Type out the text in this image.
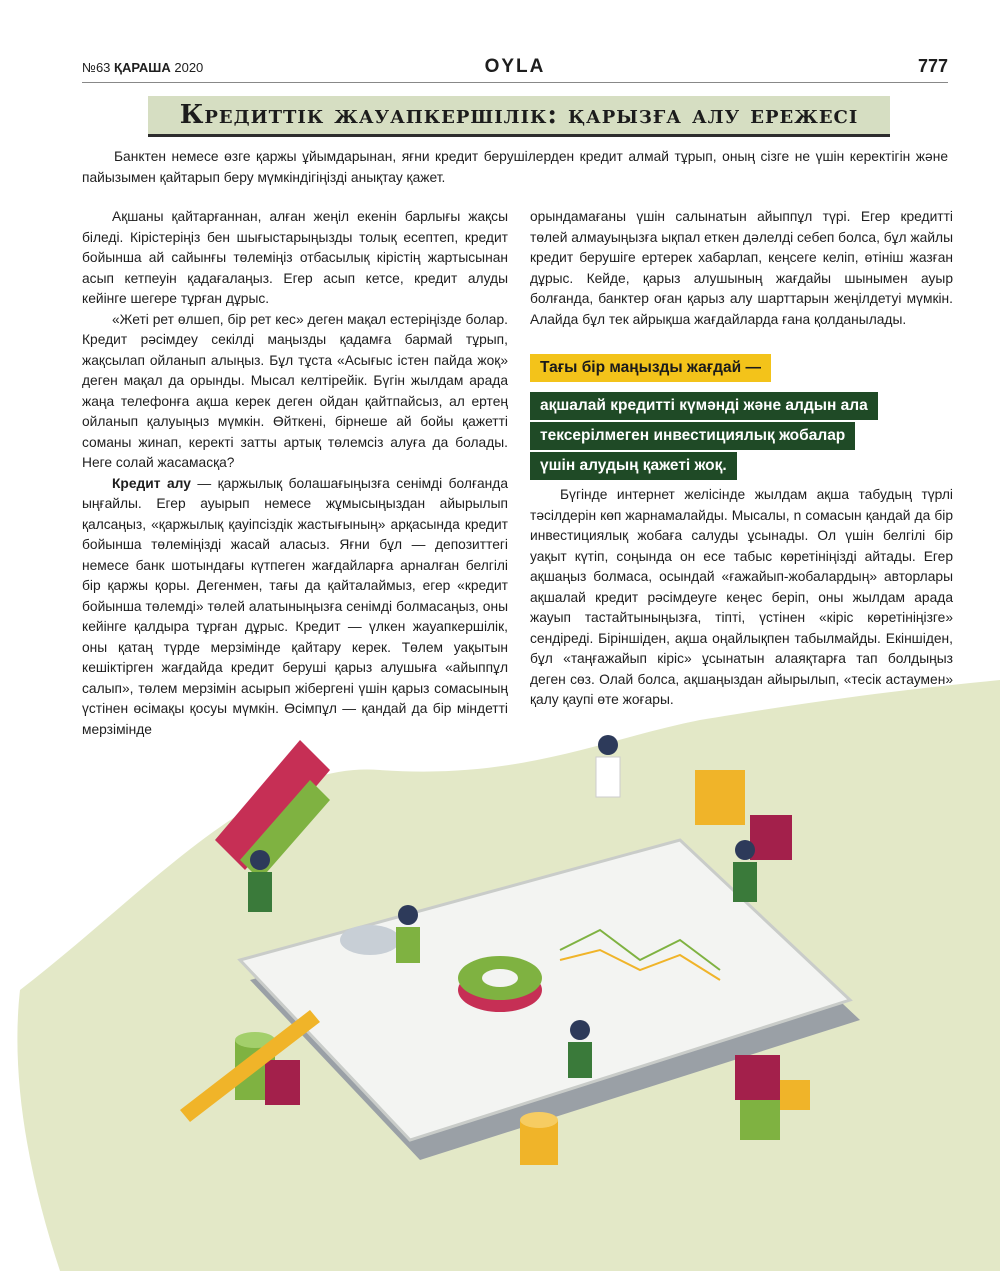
№63 ҚАРАША 2020	OYLA	777
Кредиттік жауапкершілік: қарызға алу ережесі

Банктен немесе өзге қаржы ұйымдарынан, яғни кредит берушілерден кредит алмай тұрып, оның сізге не үшін керектігін және пайызымен қайтарып беру мүмкіндігіңізді анықтау қажет.

Ақшаны қайтарғаннан, алған жеңіл екенін барлығы жақсы біледі. Кірістеріңіз бен шығыстарыңызды толық есептеп, кредит бойынша ай сайынғы төлеміңіз отбасылық кірістің жартысынан асып кетпеуін қадағалаңыз. Егер асып кетсе, кредит алуды кейінге шегере тұрған дұрыс.

«Жеті рет өлшеп, бір рет кес» деген мақал естеріңізде болар. Кредит рәсімдеу секілді маңызды қадамға бармай тұрып, жақсылап ойланып алыңыз. Бұл тұста «Асығыс істен пайда жоқ» деген мақал да орынды. Мысал келтірейік. Бүгін жылдам арада жаңа телефонға ақша керек деген ойдан қайтпайсыз, ал ертең ойланып қалуыңыз мүмкін. Өйткені, бірнеше ай бойы қажетті соманы жинап, керекті затты артық төлемсіз алуға да болады. Неге солай жасамасқа?

Кредит алу — қаржылық болашағыңызға сенімді болғанда ыңғайлы. Егер ауырып немесе жұмысыңыздан айырылып қалсаңыз, «қаржылық қауіпсіздік жастығының» арқасында кредит бойынша төлеміңізді жасай аласыз. Яғни бұл — депозиттегі немесе банк шотындағы күтпеген жағдайларға арналған белгілі бір қаржы қоры. Дегенмен, тағы да қайталаймыз, егер «кредит бойынша төлемді» төлей алатыныңызға сенімді болмасаңыз, оны кейінге қалдыра тұрған дұрыс. Кредит — үлкен жауапкершілік, оны қатаң түрде мерзімінде қайтару керек. Төлем уақытын кешіктірген жағдайда кредит беруші қарыз алушыға «айыппұл салып», төлем мерзімін асырып жібергені үшін қарыз сомасының үстінен өсімақы қосуы мүмкін. Өсімпұл — қандай да бір міндетті мерзімінде

орындамағаны үшін салынатын айыппұл түрі. Егер кредитті төлей алмауыңызға ықпал еткен дәлелді себеп болса, бұл жайлы кредит берушіге ертерек хабарлап, кеңсеге келіп, өтініш жазған дұрыс. Кейде, қарыз алушының жағдайы шынымен ауыр болғанда, банктер оған қарыз алу шарттарын жеңілдетуі мүмкін. Алайда бұл тек айрықша жағдайларда ғана қолданылады.

Тағы бір маңызды жағдай —
ақшалай кредитті күмәнді және алдын ала
тексерілмеген инвестициялық жобалар
үшін алудың қажеті жоқ.

Бүгінде интернет желісінде жылдам ақша табудың түрлі тәсілдерін көп жарнамалайды. Мысалы, n сомасын қандай да бір инвестициялық жобаға салуды ұсынады. Ол үшін белгілі бір уақыт күтіп, соңында он есе табыс көретініңізді айтады. Егер ақшаңыз болмаса, осындай «ғажайып-жобалардың» авторлары ақшалай кредит рәсімдеуге кеңес беріп, оны жылдам арада жауып тастайтыныңызға, тіпті, үстінен «кіріс көретініңізге» сендіреді. Біріншіден, ақша оңайлықпен табылмайды. Екіншіден, бұл «таңғажайып кіріс» ұсынатын алаяқтарға тап болдыңыз деген сөз. Олай болса, ақшаңыздан айырылып, «тесік астаумен» қалу қаупі өте жоғары.
